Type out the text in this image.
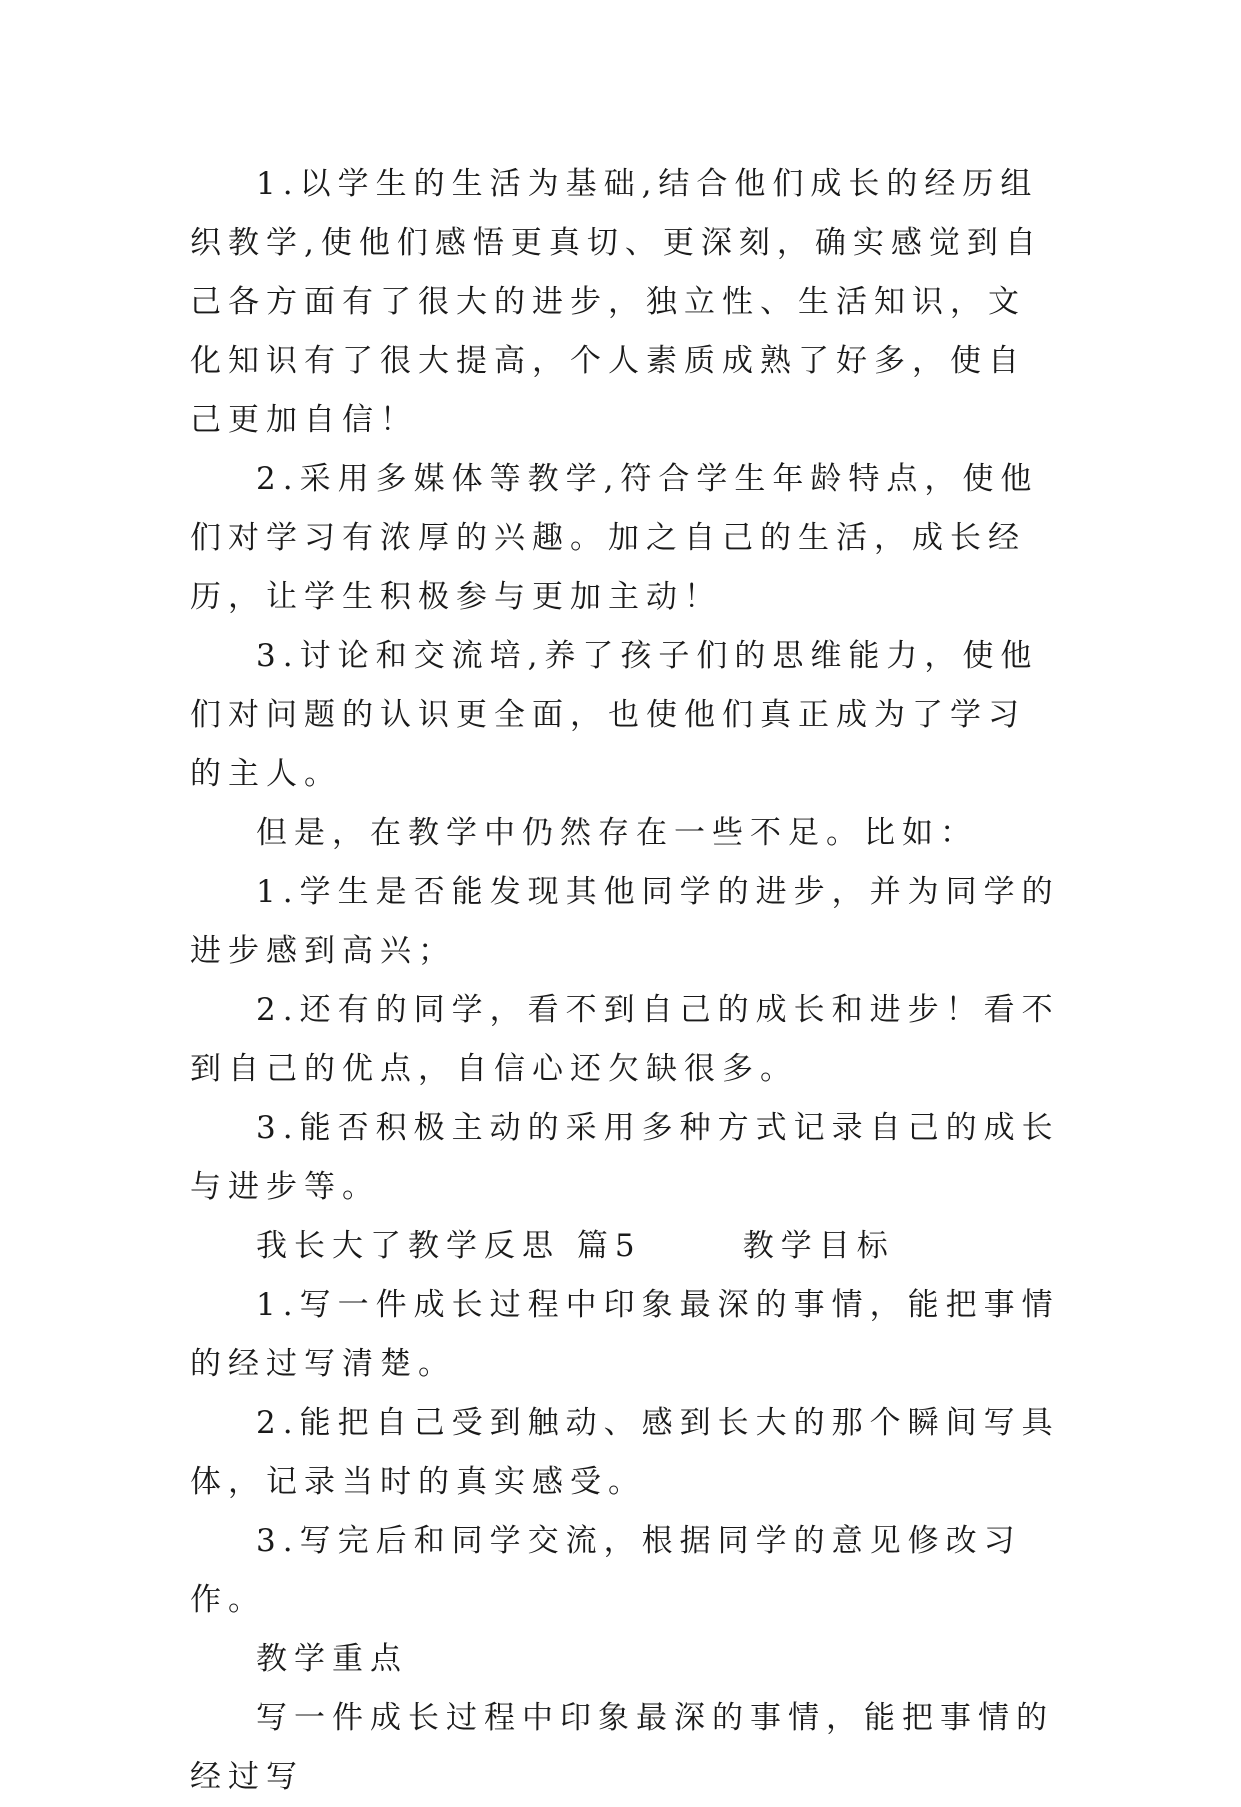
1.以学生的生活为基础,结合他们成长的经历组织教学,使他们感悟更真切、更深刻，确实感觉到自己各方面有了很大的进步，独立性、生活知识，文化知识有了很大提高，个人素质成熟了好多，使自己更加自信！

2.采用多媒体等教学,符合学生年龄特点，使他们对学习有浓厚的兴趣。加之自己的生活，成长经历，让学生积极参与更加主动！

3.讨论和交流培,养了孩子们的思维能力，使他们对问题的认识更全面，也使他们真正成为了学习的主人。

但是，在教学中仍然存在一些不足。比如：

1.学生是否能发现其他同学的进步，并为同学的进步感到高兴；

2.还有的同学，看不到自己的成长和进步！看不到自己的优点，自信心还欠缺很多。

3.能否积极主动的采用多种方式记录自己的成长与进步等。

我长大了教学反思 篇5	教学目标

1.写一件成长过程中印象最深的事情，能把事情的经过写清楚。

2.能把自己受到触动、感到长大的那个瞬间写具体，记录当时的真实感受。

3.写完后和同学交流，根据同学的意见修改习作。

教学重点

写一件成长过程中印象最深的事情，能把事情的经过写
